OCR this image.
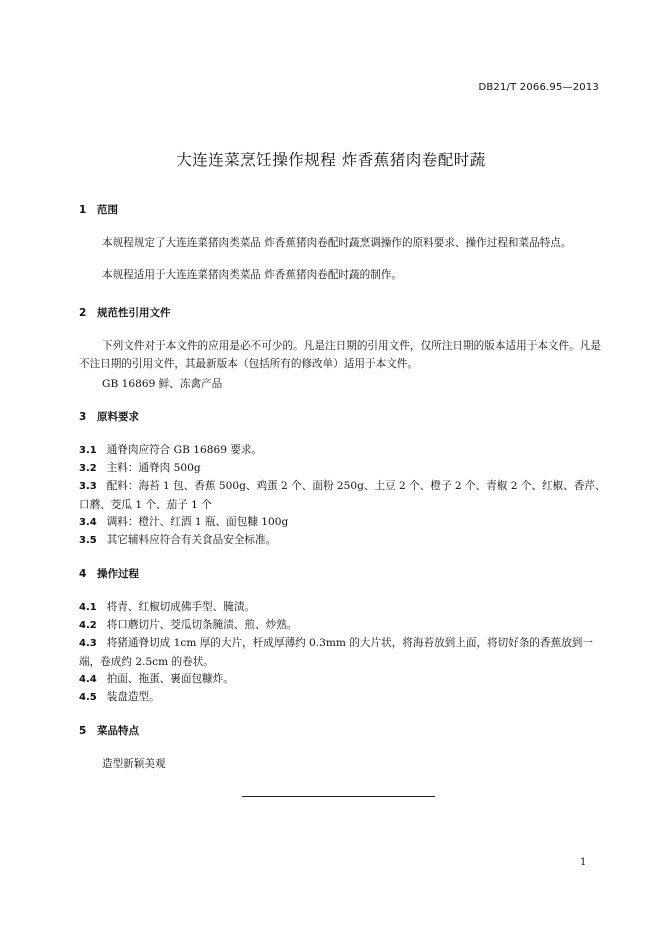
DB21/T 2066.95—2013
大连连菜烹饪操作规程 炸香蕉猪肉卷配时蔬
1 范围
本规程规定了大连连菜猪肉类菜品 炸香蕉猪肉卷配时蔬烹调操作的原料要求、操作过程和菜品特点。
本规程适用于大连连菜猪肉类菜品 炸香蕉猪肉卷配时蔬的制作。
2 规范性引用文件
下列文件对于本文件的应用是必不可少的。凡是注日期的引用文件，仅所注日期的版本适用于本文件。凡是不注日期的引用文件，其最新版本（包括所有的修改单）适用于本文件。
GB 16869 鲜、冻禽产品
3 原料要求
3.1 通脊肉应符合 GB 16869 要求。
3.2 主料：通脊肉 500g
3.3 配料：海苔 1 包、香蕉 500g、鸡蛋 2 个、面粉 250g、土豆 2 个、橙子 2 个、青椒 2 个、红椒、香芹、口蘑、茭瓜 1 个、茄子 1 个
3.4 调料：橙汁、红酒 1 瓶、面包糠 100g
3.5 其它辅料应符合有关食品安全标准。
4 操作过程
4.1 将青、红椒切成佛手型、腌渍。
4.2 将口蘑切片、茭瓜切条腌渍、煎、炒熟。
4.3 将猪通脊切成 1cm 厚的大片，杆成厚薄约 0.3mm 的大片状，将海苔放到上面，将切好条的香蕉放到一端，卷成约 2.5cm 的卷状。
4.4 拍面、拖蛋、裹面包糠炸。
4.5 装盘造型。
5 菜品特点
造型新颖美观
1
